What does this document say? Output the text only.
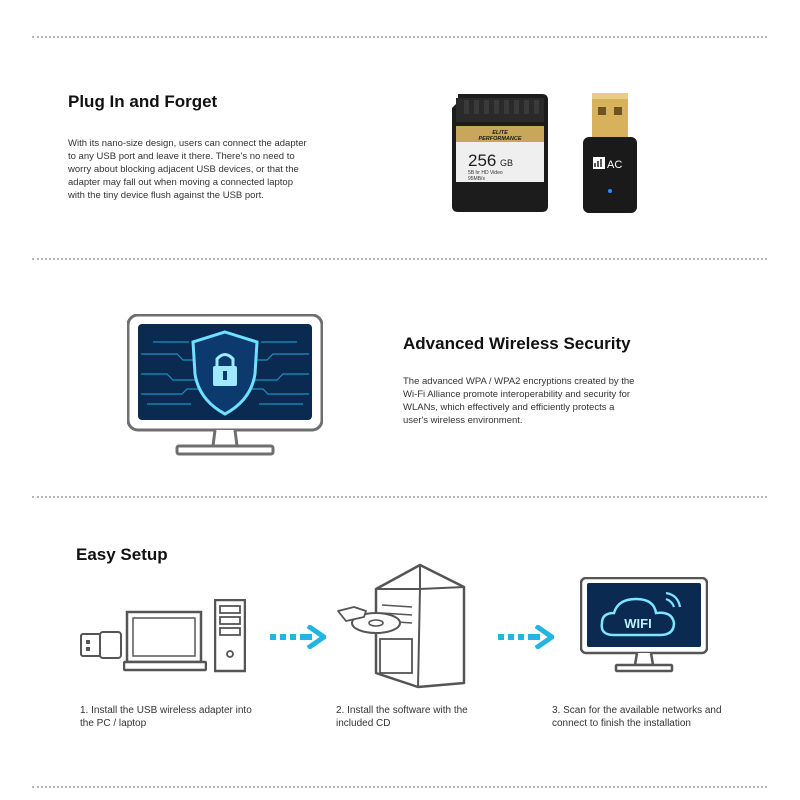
Plug In and Forget

With its nano-size design, users can connect the adapter to any USB port and leave it there. There's no need to worry about blocking adjacent USB devices, or that the adapter may fall out when moving a connected laptop with the tiny device flush against the USB port.

ELITE
PERFORMANCE
256 GB
5B hr HD Video
95MB/s
AC
Advanced Wireless Security

The advanced WPA / WPA2 encryptions created by the Wi-Fi Alliance promote interoperability and security for WLANs, which effectively and efficiently protects a user's wireless environment.

Easy Setup
WIFI

1. Install the USB wireless adapter into the PC / laptop

2. Install the software with the included CD

3. Scan for the available networks and connect to finish the installation
